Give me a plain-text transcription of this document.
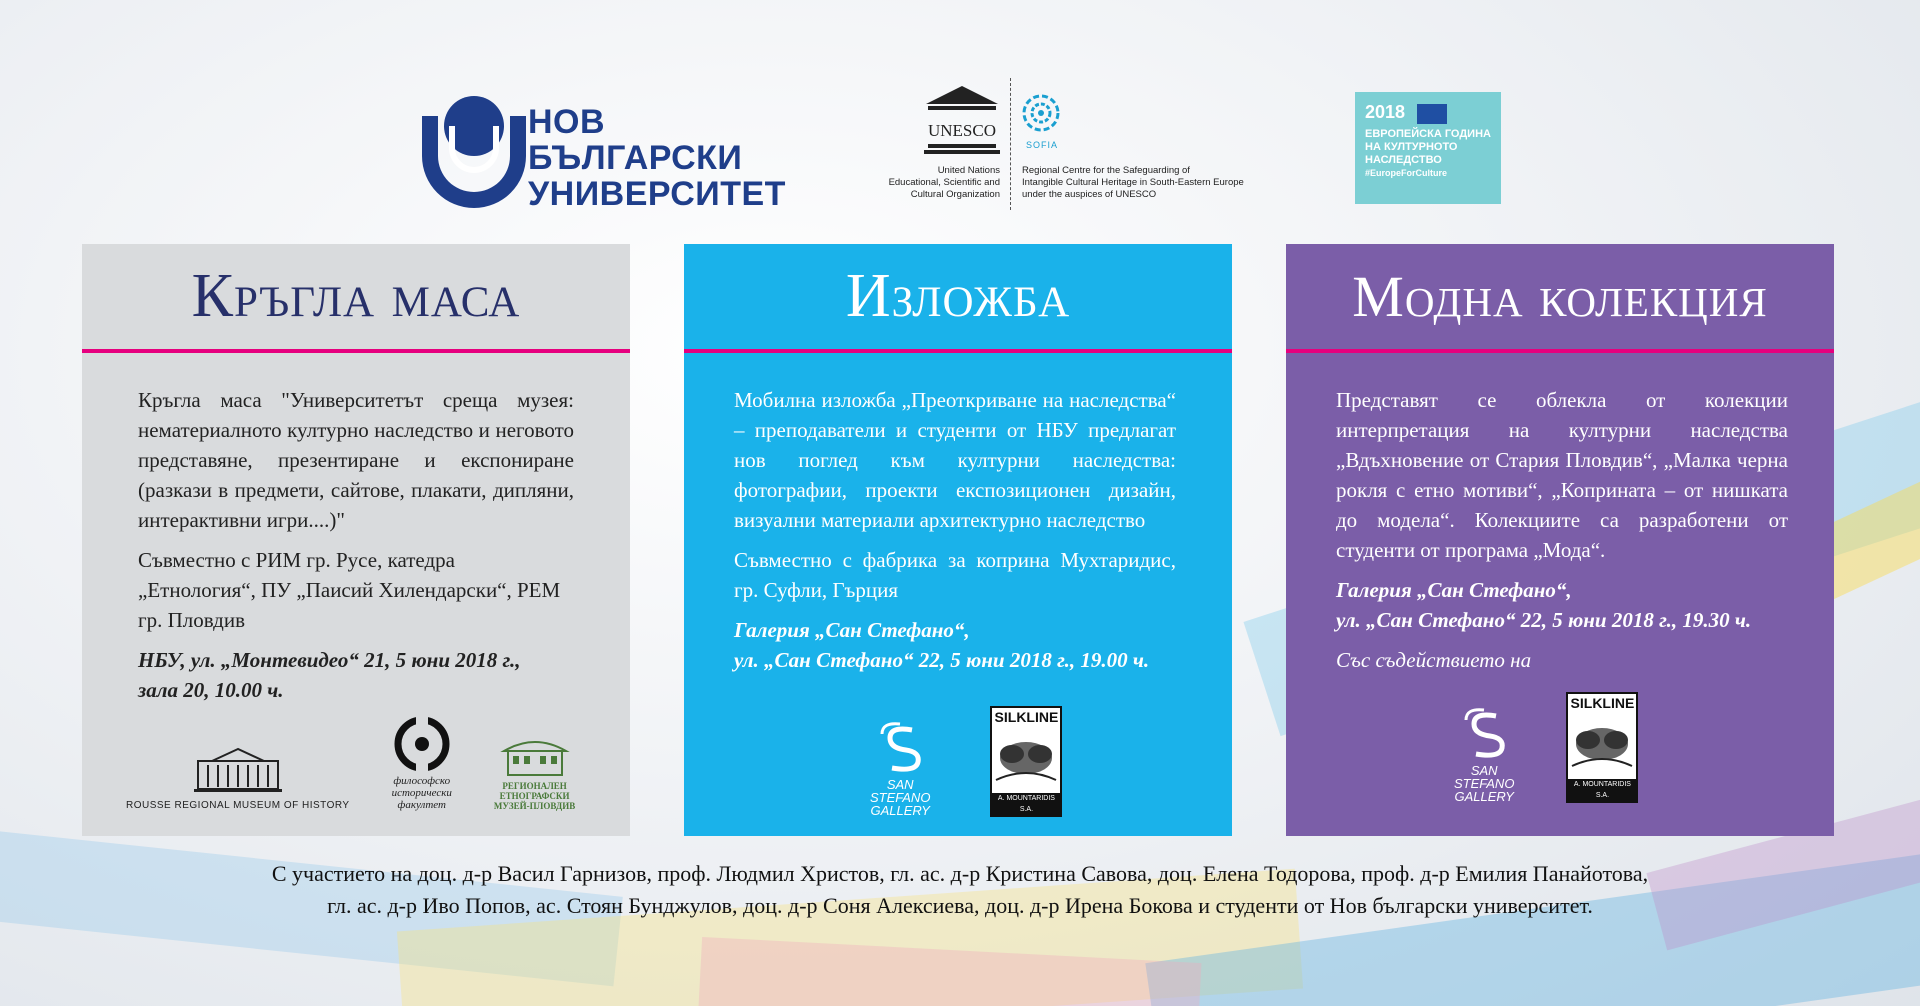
НОВ
БЪЛГАРСКИ
УНИВЕРСИТЕТ
UNESCO
United Nations
Educational, Scientific and
Cultural Organization
SOFIA
Regional Centre for the Safeguarding of
Intangible Cultural Heritage in South-Eastern Europe
under the auspices of UNESCO
2018
ЕВРОПЕЙСКА ГОДИНА
НА КУЛТУРНОТО
НАСЛЕДСТВО
#EuropeForCulture
Кръгла маса

Кръгла маса "Университетът среща музея: нематериалното културно наследство и неговото представяне, презентиране и експониране (разкази в предмети, сайтове, плакати, дипляни, интерактивни игри....)"

Съвместно с РИМ гр. Русе, катедра „Етнология“, ПУ „Паисий Хилендарски“, РЕМ гр. Пловдив

НБУ, ул. „Монтевидео“ 21, 5 юни 2018 г., зала 20, 10.00 ч.

ROUSSE REGIONAL MUSEUM OF HISTORY
философско
исторически
факултет
РЕГИОНАЛЕН
ЕТНОГРАФСКИ
МУЗЕЙ-ПЛОВДИВ
Изложба

Мобилна изложба „Преоткриване на наследства“ – преподаватели и студенти от НБУ предлагат нов поглед към културни наследства: фотографии, проекти експозиционен дизайн, визуални материали архитектурно наследство

Съвместно с фабрика за коприна Мухтаридис, гр. Суфли, Гърция

Галерия „Сан Стефано“,
ул. „Сан Стефано“ 22, 5 юни 2018 г., 19.00 ч.
SAN
STEFANO
GALLERY
SILKLINE
A. MOUNTARIDIS S.A.
Модна колекция

Представят се облекла от колекции интерпретация на културни наследства „Вдъхновение от Стария Пловдив“, „Малка черна рокля с етно мотиви“, „Коприната – от нишката до модела“. Колекциите са разработени от студенти от програма „Мода“.

Галерия „Сан Стефано“,
ул. „Сан Стефано“ 22, 5 юни 2018 г., 19.30 ч.

Със съдействието на

SAN
STEFANO
GALLERY
SILKLINE
A. MOUNTARIDIS S.A.
С участието на доц. д-р Васил Гарнизов, проф. Людмил Христов, гл. ас. д-р Кристина Савова, доц. Елена Тодорова, проф. д-р Емилия Панайотова,
гл. ас. д-р Иво Попов, ас. Стоян Бунджулов, доц. д-р Соня Алексиева, доц. д-р Ирена Бокова и студенти от Нов български университет.
